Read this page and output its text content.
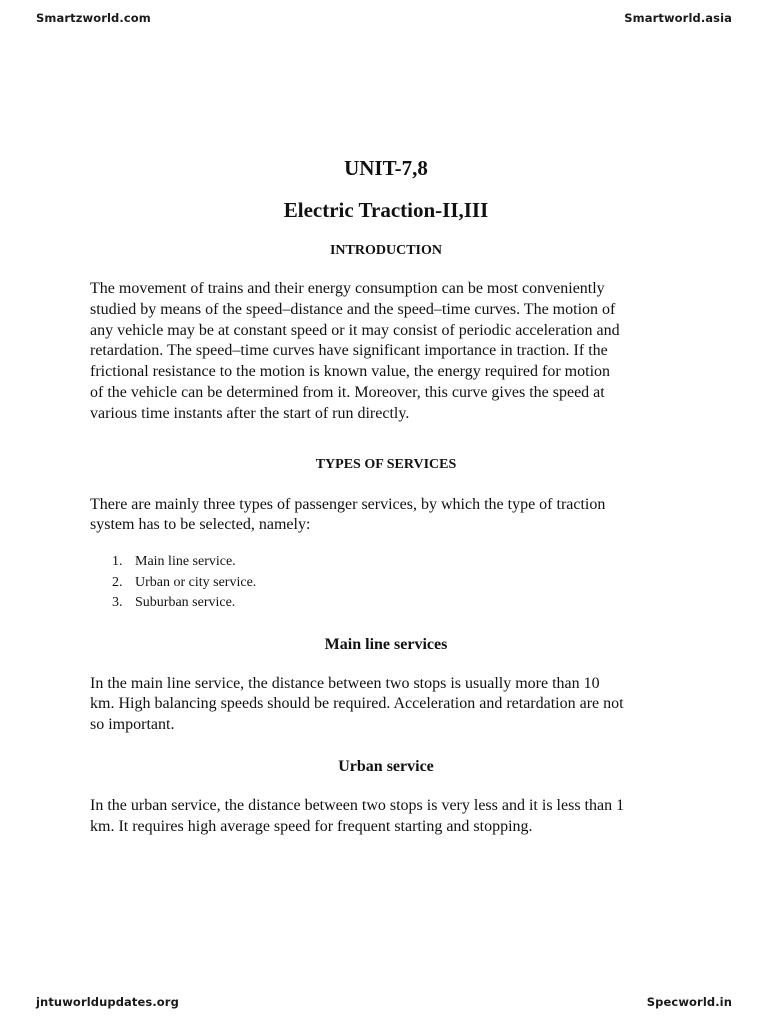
Smartzworld.com	Smartworld.asia
UNIT-7,8
Electric Traction-II,III
INTRODUCTION

The movement of trains and their energy consumption can be most conveniently
studied by means of the speed–distance and the speed–time curves. The motion of
any vehicle may be at constant speed or it may consist of periodic acceleration and
retardation. The speed–time curves have significant importance in traction. If the
frictional resistance to the motion is known value, the energy required for motion
of the vehicle can be determined from it. Moreover, this curve gives the speed at
various time instants after the start of run directly.

TYPES OF SERVICES

There are mainly three types of passenger services, by which the type of traction
system has to be selected, namely:

1. Main line service.
2. Urban or city service.
3. Suburban service.
Main line services

In the main line service, the distance between two stops is usually more than 10
km. High balancing speeds should be required. Acceleration and retardation are not
so important.

Urban service

In the urban service, the distance between two stops is very less and it is less than 1
km. It requires high average speed for frequent starting and stopping.

jntuworldupdates.org	Specworld.in
